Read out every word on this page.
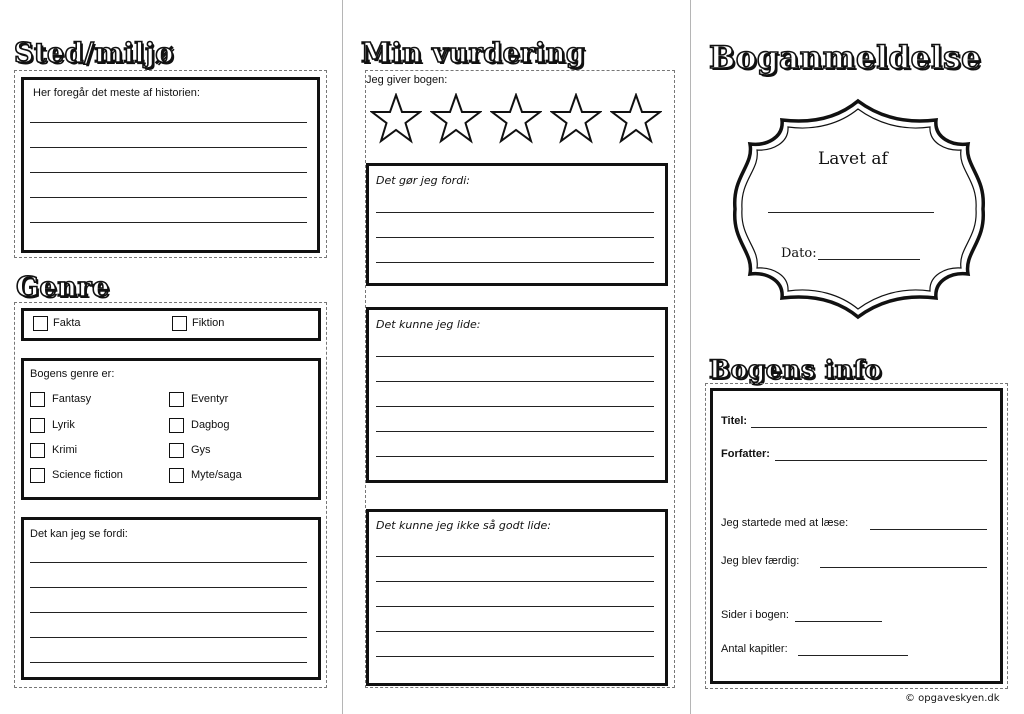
Sted/miljø
Her foregår det meste af historien:
Genre
Fakta	Fiktion
Bogens genre er:
Fantasy
Lyrik
Krimi
Science fiction
Eventyr
Dagbog
Gys
Myte/saga
Det kan jeg se fordi:
Min vurdering
Jeg giver bogen:
Det gør jeg fordi:
Det kunne jeg lide:
Det kunne jeg ikke så godt lide:
Boganmeldelse
Lavet af
Dato:
Bogens info
Titel:
Forfatter:
Jeg startede med at læse:
Jeg blev færdig:
Sider i bogen:
Antal kapitler:
© opgaveskyen.dk
